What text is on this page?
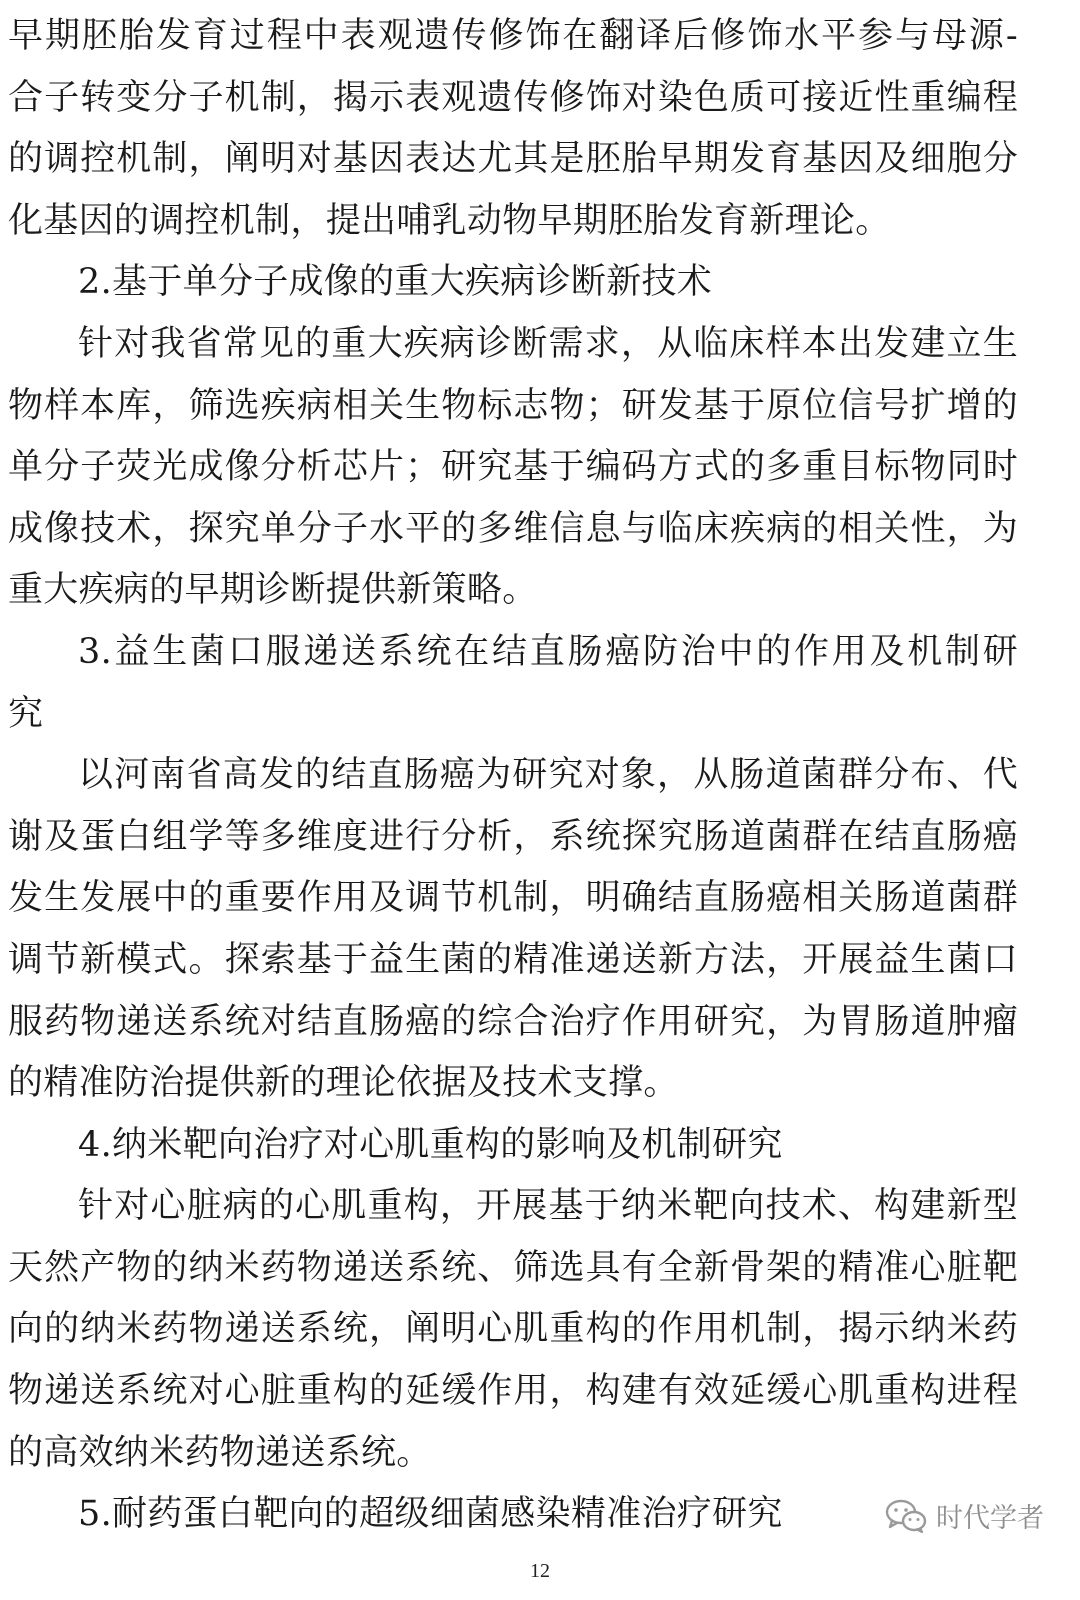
早期胚胎发育过程中表观遗传修饰在翻译后修饰水平参与母源-
合子转变分子机制，揭示表观遗传修饰对染色质可接近性重编程
的调控机制，阐明对基因表达尤其是胚胎早期发育基因及细胞分
化基因的调控机制，提出哺乳动物早期胚胎发育新理论。
2.基于单分子成像的重大疾病诊断新技术
针对我省常见的重大疾病诊断需求，从临床样本出发建立生
物样本库，筛选疾病相关生物标志物；研发基于原位信号扩增的
单分子荧光成像分析芯片；研究基于编码方式的多重目标物同时
成像技术，探究单分子水平的多维信息与临床疾病的相关性，为
重大疾病的早期诊断提供新策略。
3.益生菌口服递送系统在结直肠癌防治中的作用及机制研
究
以河南省高发的结直肠癌为研究对象，从肠道菌群分布、代
谢及蛋白组学等多维度进行分析，系统探究肠道菌群在结直肠癌
发生发展中的重要作用及调节机制，明确结直肠癌相关肠道菌群
调节新模式。探索基于益生菌的精准递送新方法，开展益生菌口
服药物递送系统对结直肠癌的综合治疗作用研究，为胃肠道肿瘤
的精准防治提供新的理论依据及技术支撑。
4.纳米靶向治疗对心肌重构的影响及机制研究
针对心脏病的心肌重构，开展基于纳米靶向技术、构建新型
天然产物的纳米药物递送系统、筛选具有全新骨架的精准心脏靶
向的纳米药物递送系统，阐明心肌重构的作用机制，揭示纳米药
物递送系统对心脏重构的延缓作用，构建有效延缓心肌重构进程
的高效纳米药物递送系统。
5.耐药蛋白靶向的超级细菌感染精准治疗研究	时代学者
12
